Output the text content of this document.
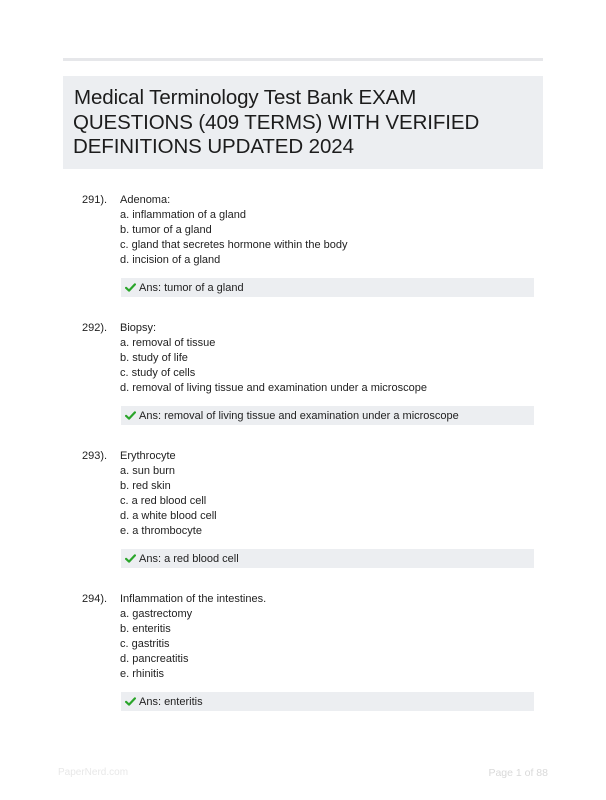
Medical Terminology Test Bank EXAM
QUESTIONS (409 TERMS) WITH VERIFIED
DEFINITIONS UPDATED 2024
291). Adenoma:

a. inflammation of a gland
b. tumor of a gland
c. gland that secretes hormone within the body
d. incision of a gland
Ans: tumor of a gland
292). Biopsy:

a. removal of tissue
b. study of life
c. study of cells
d. removal of living tissue and examination under a microscope
Ans: removal of living tissue and examination under a microscope
293). Erythrocyte

a. sun burn
b. red skin
c. a red blood cell
d. a white blood cell
e. a thrombocyte
Ans: a red blood cell
294). Inflammation of the intestines.

a. gastrectomy
b. enteritis
c. gastritis
d. pancreatitis
e. rhinitis
Ans: enteritis
PaperNerd.com	Page 1 of 88
